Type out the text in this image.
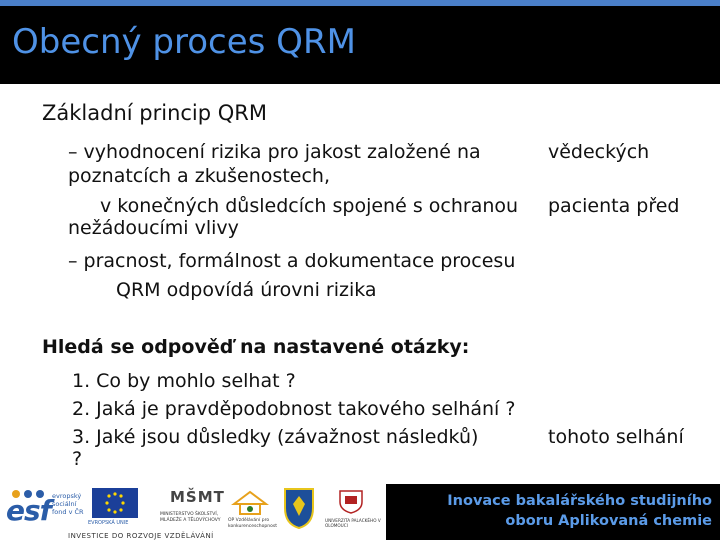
Obecný proces QRM
Základní princip QRM
– vyhodnocení rizika pro jakost založené na	vědeckých
poznatcích a zkušenostech,
v konečných důsledcích spojené s ochranou pacienta před
nežádoucími vlivy
– pracnost, formálnost a dokumentace procesu
QRM odpovídá úrovni rizika
Hledá se odpověď na nastavené otázky:
1. Co by mohlo selhat ?
2. Jaká je pravděpodobnost takového selhání ?
3. Jaké jsou důsledky (závažnost následků)	tohoto selhání
?
esf evropský
sociální
fond v ČR
EVROPSKÁ UNIE
MŠMT
MINISTERSTVO ŠKOLSTVÍ, MLÁDEŽE A TĚLOVÝCHOVY	OP Vzdělávání pro konkurenceschopnost
UNIVERZITA PALACKÉHO V OLOMOUCI
INVESTICE DO ROZVOJE VZDĚLÁVÁNÍ
Inovace bakalářského studijního
oboru Aplikovaná chemie
